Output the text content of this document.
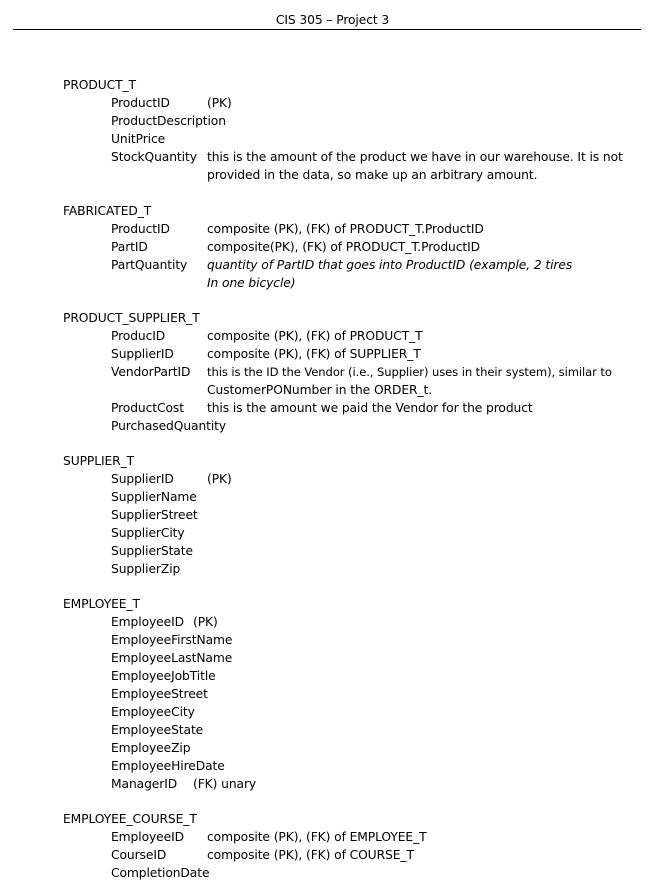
CIS 305 – Project 3
PRODUCT_T
ProductID	(PK)
ProductDescription
UnitPrice
StockQuantity this is the amount of the product we have in our warehouse. It is not
provided in the data, so make up an arbitrary amount.
FABRICATED_T
ProductID	composite (PK), (FK) of PRODUCT_T.ProductID
PartID	composite(PK), (FK) of PRODUCT_T.ProductID
PartQuantity quantity of PartID that goes into ProductID (example, 2 tires
In one bicycle)
PRODUCT_SUPPLIER_T
ProducID	composite (PK), (FK) of PRODUCT_T
SupplierID	composite (PK), (FK) of SUPPLIER_T
VendorPartID this is the ID the Vendor (i.e., Supplier) uses in their system), similar to
CustomerPONumber in the ORDER_t.
ProductCost this is the amount we paid the Vendor for the product
PurchasedQuantity
SUPPLIER_T
SupplierID	(PK)
SupplierName
SupplierStreet
SupplierCity
SupplierState
SupplierZip
EMPLOYEE_T
EmployeeID (PK)
EmployeeFirstName
EmployeeLastName
EmployeeJobTitle
EmployeeStreet
EmployeeCity
EmployeeState
EmployeeZip
EmployeeHireDate
ManagerID (FK) unary
EMPLOYEE_COURSE_T
EmployeeID composite (PK), (FK) of EMPLOYEE_T
CourseID	composite (PK), (FK) of COURSE_T
CompletionDate
